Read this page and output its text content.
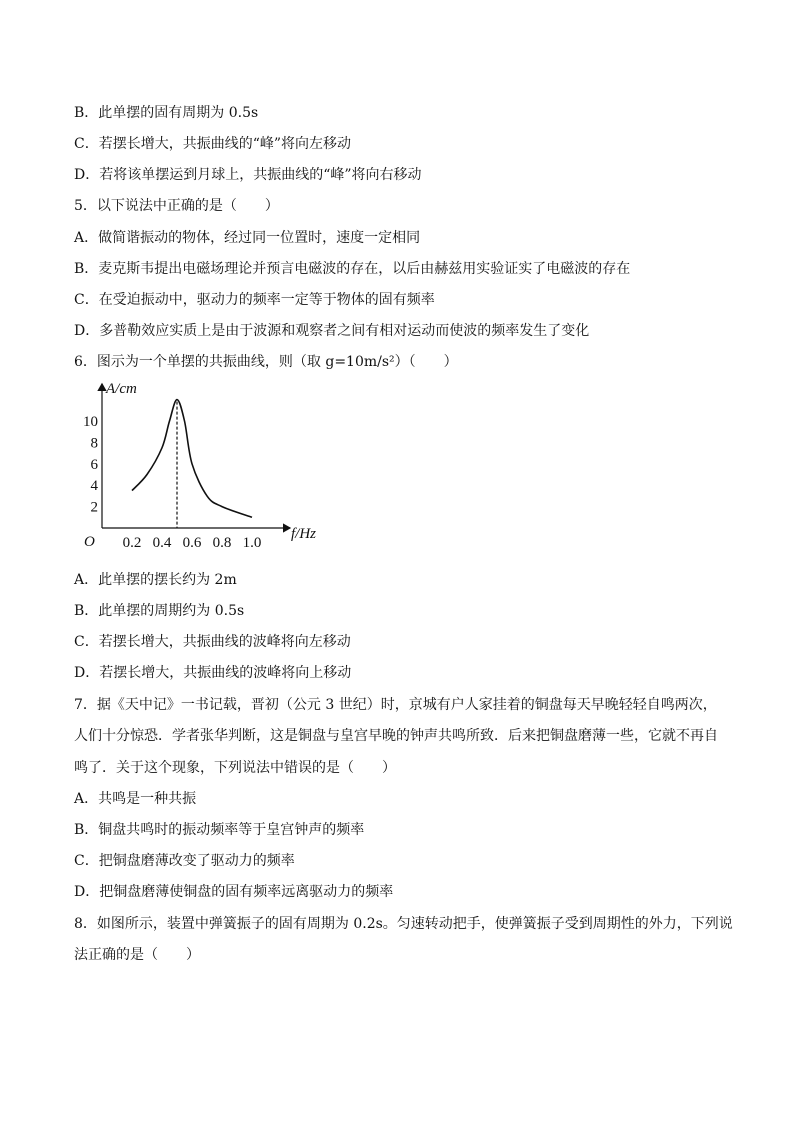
B．此单摆的固有周期为 0.5s
C．若摆长增大，共振曲线的“峰”将向左移动
D．若将该单摆运到月球上，共振曲线的“峰”将向右移动
5．以下说法中正确的是（　　）
A．做简谐振动的物体，经过同一位置时，速度一定相同
B．麦克斯韦提出电磁场理论并预言电磁波的存在，以后由赫兹用实验证实了电磁波的存在
C．在受迫振动中，驱动力的频率一定等于物体的固有频率
D．多普勒效应实质上是由于波源和观察者之间有相对运动而使波的频率发生了变化
6．图示为一个单摆的共振曲线，则（取 g=10m/s²）（　　）
A/cm
f/Hz
O
2
4
6
8
10
0.2 0.4 0.6 0.8 1.0
A．此单摆的摆长约为 2m
B．此单摆的周期约为 0.5s
C．若摆长增大，共振曲线的波峰将向左移动
D．若摆长增大，共振曲线的波峰将向上移动
7．据《天中记》一书记载，晋初（公元 3 世纪）时，京城有户人家挂着的铜盘每天早晚轻轻自鸣两次，
人们十分惊恐．学者张华判断，这是铜盘与皇宫早晚的钟声共鸣所致．后来把铜盘磨薄一些，它就不再自
鸣了．关于这个现象，下列说法中错误的是（　　）
A．共鸣是一种共振
B．铜盘共鸣时的振动频率等于皇宫钟声的频率
C．把铜盘磨薄改变了驱动力的频率
D．把铜盘磨薄使铜盘的固有频率远离驱动力的频率
8．如图所示，装置中弹簧振子的固有周期为 0.2s。匀速转动把手，使弹簧振子受到周期性的外力，下列说
法正确的是（　　）
